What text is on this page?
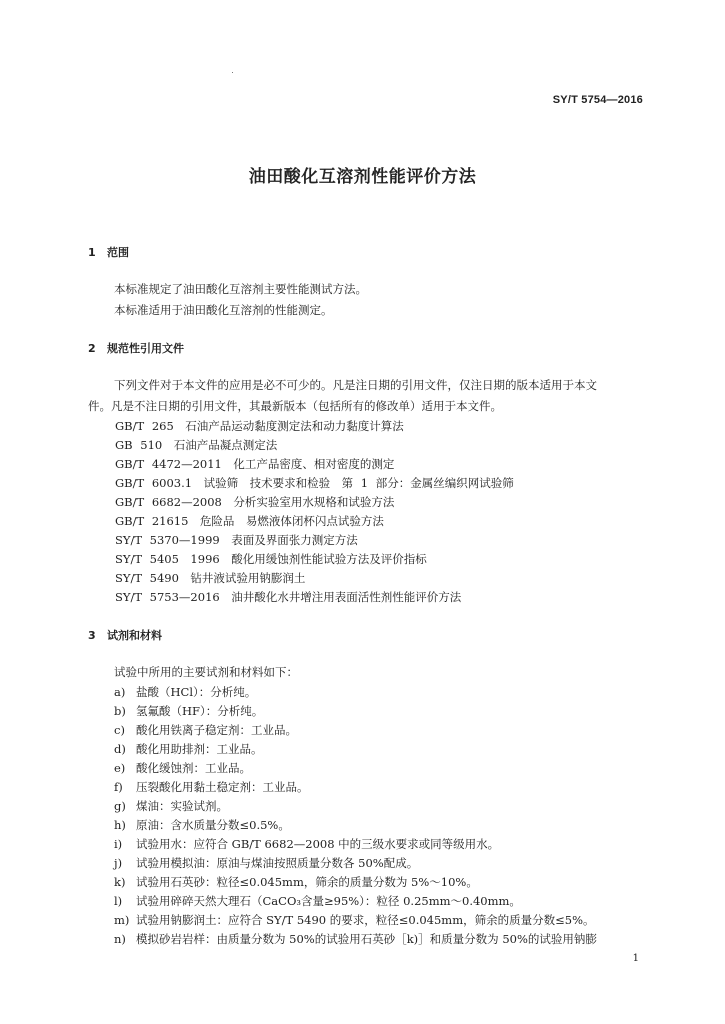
SY/T 5754—2016
油田酸化互溶剂性能评价方法
1 范围
本标准规定了油田酸化互溶剂主要性能测试方法。
本标准适用于油田酸化互溶剂的性能测定。
2 规范性引用文件
下列文件对于本文件的应用是必不可少的。凡是注日期的引用文件，仅注日期的版本适用于本文
件。凡是不注日期的引用文件，其最新版本（包括所有的修改单）适用于本文件。
GB/T 265　石油产品运动黏度测定法和动力黏度计算法
GB 510　石油产品凝点测定法
GB/T 4472—2011　化工产品密度、相对密度的测定
GB/T 6003.1　试验筛　技术要求和检验　第 1 部分：金属丝编织网试验筛
GB/T 6682—2008　分析实验室用水规格和试验方法
GB/T 21615　危险品　易燃液体闭杯闪点试验方法
SY/T 5370—1999　表面及界面张力测定方法
SY/T 5405　1996　酸化用缓蚀剂性能试验方法及评价指标
SY/T 5490　钻井液试验用钠膨润土
SY/T 5753—2016　油井酸化水井增注用表面活性剂性能评价方法
3 试剂和材料
试验中所用的主要试剂和材料如下：
a) 盐酸（HCl）：分析纯。
b) 氢氟酸（HF）：分析纯。
c) 酸化用铁离子稳定剂：工业品。
d) 酸化用助排剂：工业品。
e) 酸化缓蚀剂：工业品。
f) 压裂酸化用黏土稳定剂：工业品。
g) 煤油：实验试剂。
h) 原油：含水质量分数≤0.5%。
i) 试验用水：应符合 GB/T 6682—2008 中的三级水要求或同等级用水。
j) 试验用模拟油：原油与煤油按照质量分数各 50%配成。
k) 试验用石英砂：粒径≤0.045mm，筛余的质量分数为 5%～10%。
l) 试验用碎碎天然大理石（CaCO₃含量≥95%）：粒径 0.25mm～0.40mm。
m) 试验用钠膨润土：应符合 SY/T 5490 的要求，粒径≤0.045mm，筛余的质量分数≤5%。
n) 模拟砂岩岩样：由质量分数为 50%的试验用石英砂［k)］和质量分数为 50%的试验用钠膨
1
